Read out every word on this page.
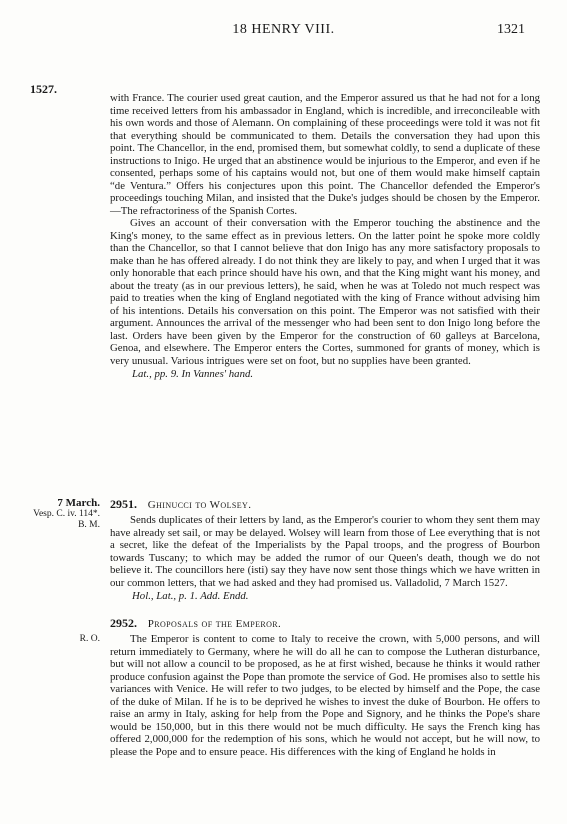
18 HENRY VIII.	1321
1527.

with France. The courier used great caution, and the Emperor assured us that he had not for a long time received letters from his ambassador in England, which is incredible, and irreconcileable with his own words and those of Alemann. On complaining of these proceedings were told it was not fit that everything should be communicated to them. Details the conversation they had upon this point. The Chancellor, in the end, promised them, but somewhat coldly, to send a duplicate of these instructions to Inigo. He urged that an abstinence would be injurious to the Emperor, and even if he consented, perhaps some of his captains would not, but one of them would make himself captain “de Ventura.” Offers his conjectures upon this point. The Chancellor defended the Emperor's proceedings touching Milan, and insisted that the Duke's judges should be chosen by the Emperor.—The refractoriness of the Spanish Cortes.

Gives an account of their conversation with the Emperor touching the abstinence and the King's money, to the same effect as in previous letters. On the latter point he spoke more coldly than the Chancellor, so that I cannot believe that don Inigo has any more satisfactory proposals to make than he has offered already. I do not think they are likely to pay, and when I urged that it was only honorable that each prince should have his own, and that the King might want his money, and about the treaty (as in our previous letters), he said, when he was at Toledo not much respect was paid to treaties when the king of England negotiated with the king of France without advising him of his intentions. Details his conversation on this point. The Emperor was not satisfied with their argument. Announces the arrival of the messenger who had been sent to don Inigo long before the last. Orders have been given by the Emperor for the construction of 60 galleys at Barcelona, Genoa, and elsewhere. The Emperor enters the Cortes, summoned for grants of money, which is very unusual. Various intrigues were set on foot, but no supplies have been granted.

Lat., pp. 9. In Vannes' hand.

7 March.
Vesp. C. iv. 114*.
B. M.

2951. Ghinucci to Wolsey.

Sends duplicates of their letters by land, as the Emperor's courier to whom they sent them may have already set sail, or may be delayed. Wolsey will learn from those of Lee everything that is not a secret, like the defeat of the Imperialists by the Papal troops, and the progress of Bourbon towards Tuscany; to which may be added the rumor of our Queen's death, though we do not believe it. The councillors here (isti) say they have now sent those things which we have written in our common letters, that we had asked and they had promised us. Valladolid, 7 March 1527.

Hol., Lat., p. 1. Add. Endd.

R. O.

2952. Proposals of the Emperor.

The Emperor is content to come to Italy to receive the crown, with 5,000 persons, and will return immediately to Germany, where he will do all he can to compose the Lutheran disturbance, but will not allow a council to be proposed, as he at first wished, because he thinks it would rather produce confusion against the Pope than promote the service of God. He promises also to settle his variances with Venice. He will refer to two judges, to be elected by himself and the Pope, the case of the duke of Milan. If he is to be deprived he wishes to invest the duke of Bourbon. He offers to raise an army in Italy, asking for help from the Pope and Signory, and he thinks the Pope's share would be 150,000, but in this there would not be much difficulty. He says the French king has offered 2,000,000 for the redemption of his sons, which he would not accept, but he will now, to please the Pope and to ensure peace. His differences with the king of England he holds in
